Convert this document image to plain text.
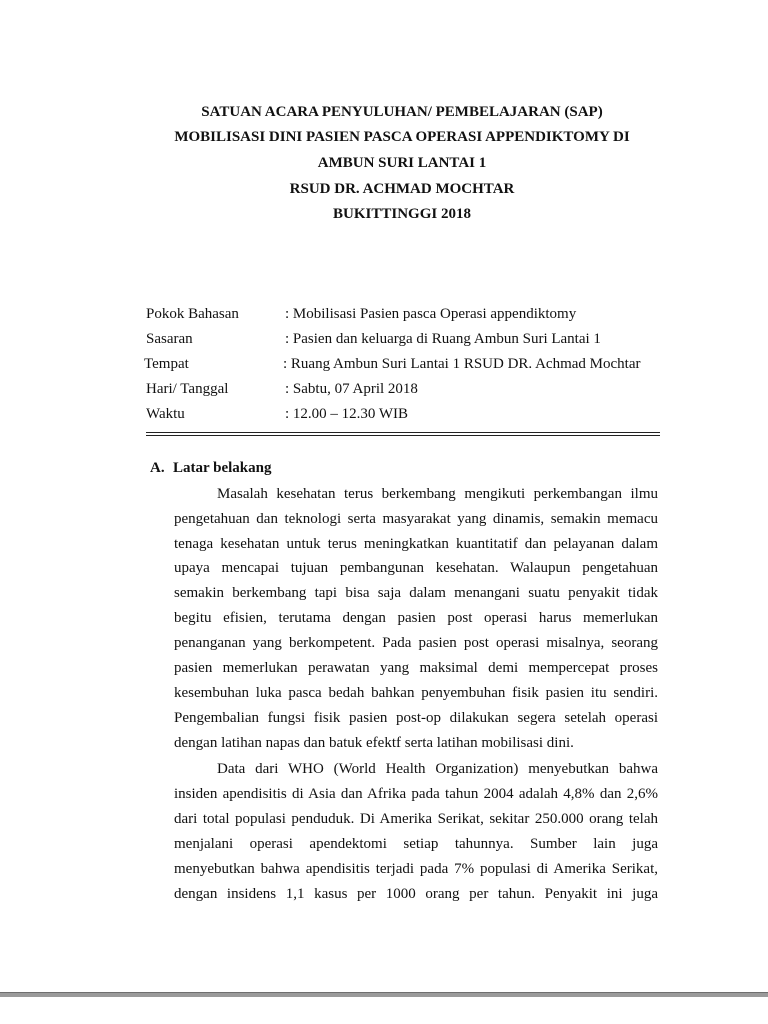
SATUAN ACARA PENYULUHAN/ PEMBELAJARAN (SAP)
MOBILISASI DINI PASIEN PASCA OPERASI APPENDIKTOMY DI
AMBUN SURI LANTAI 1
RSUD DR. ACHMAD MOCHTAR
BUKITTINGGI 2018
Pokok Bahasan	: Mobilisasi Pasien pasca Operasi appendiktomy
Sasaran	: Pasien dan keluarga di Ruang Ambun Suri Lantai 1
Tempat	: Ruang Ambun Suri Lantai 1 RSUD DR. Achmad Mochtar
Hari/ Tanggal	: Sabtu, 07 April 2018
Waktu	: 12.00 – 12.30 WIB
A. Latar belakang
Masalah kesehatan terus berkembang mengikuti perkembangan ilmu
pengetahuan dan teknologi serta masyarakat yang dinamis, semakin memacu
tenaga kesehatan untuk terus meningkatkan kuantitatif dan pelayanan dalam
upaya mencapai tujuan pembangunan kesehatan. Walaupun pengetahuan
semakin berkembang tapi bisa saja dalam menangani suatu penyakit tidak
begitu efisien, terutama dengan pasien post operasi harus memerlukan
penanganan yang berkompetent. Pada pasien post operasi misalnya, seorang
pasien memerlukan perawatan yang maksimal demi mempercepat proses
kesembuhan luka pasca bedah bahkan penyembuhan fisik pasien itu sendiri.
Pengembalian fungsi fisik pasien post-op dilakukan segera setelah operasi
dengan latihan napas dan batuk efektf serta latihan mobilisasi dini.
Data dari WHO (World Health Organization) menyebutkan bahwa
insiden apendisitis di Asia dan Afrika pada tahun 2004 adalah 4,8% dan 2,6%
dari total populasi penduduk. Di Amerika Serikat, sekitar 250.000 orang telah
menjalani operasi apendektomi setiap tahunnya. Sumber lain juga
menyebutkan bahwa apendisitis terjadi pada 7% populasi di Amerika Serikat,
dengan insidens 1,1 kasus per 1000 orang per tahun. Penyakit ini juga
